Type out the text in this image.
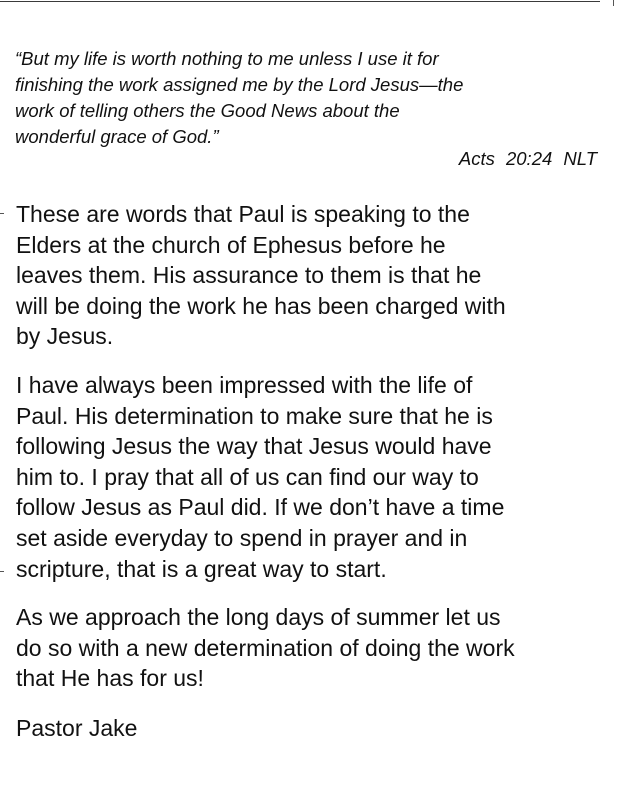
“But my life is worth nothing to me unless I use it for
finishing the work assigned me by the Lord Jesus—the
work of telling others the Good News about the
wonderful grace of God.”
Acts 20:24 NLT
These are words that Paul is speaking to the
Elders at the church of Ephesus before he
leaves them. His assurance to them is that he
will be doing the work he has been charged with
by Jesus.
I have always been impressed with the life of
Paul. His determination to make sure that he is
following Jesus the way that Jesus would have
him to. I pray that all of us can find our way to
follow Jesus as Paul did. If we don’t have a time
set aside everyday to spend in prayer and in
scripture, that is a great way to start.
As we approach the long days of summer let us
do so with a new determination of doing the work
that He has for us!
Pastor Jake
